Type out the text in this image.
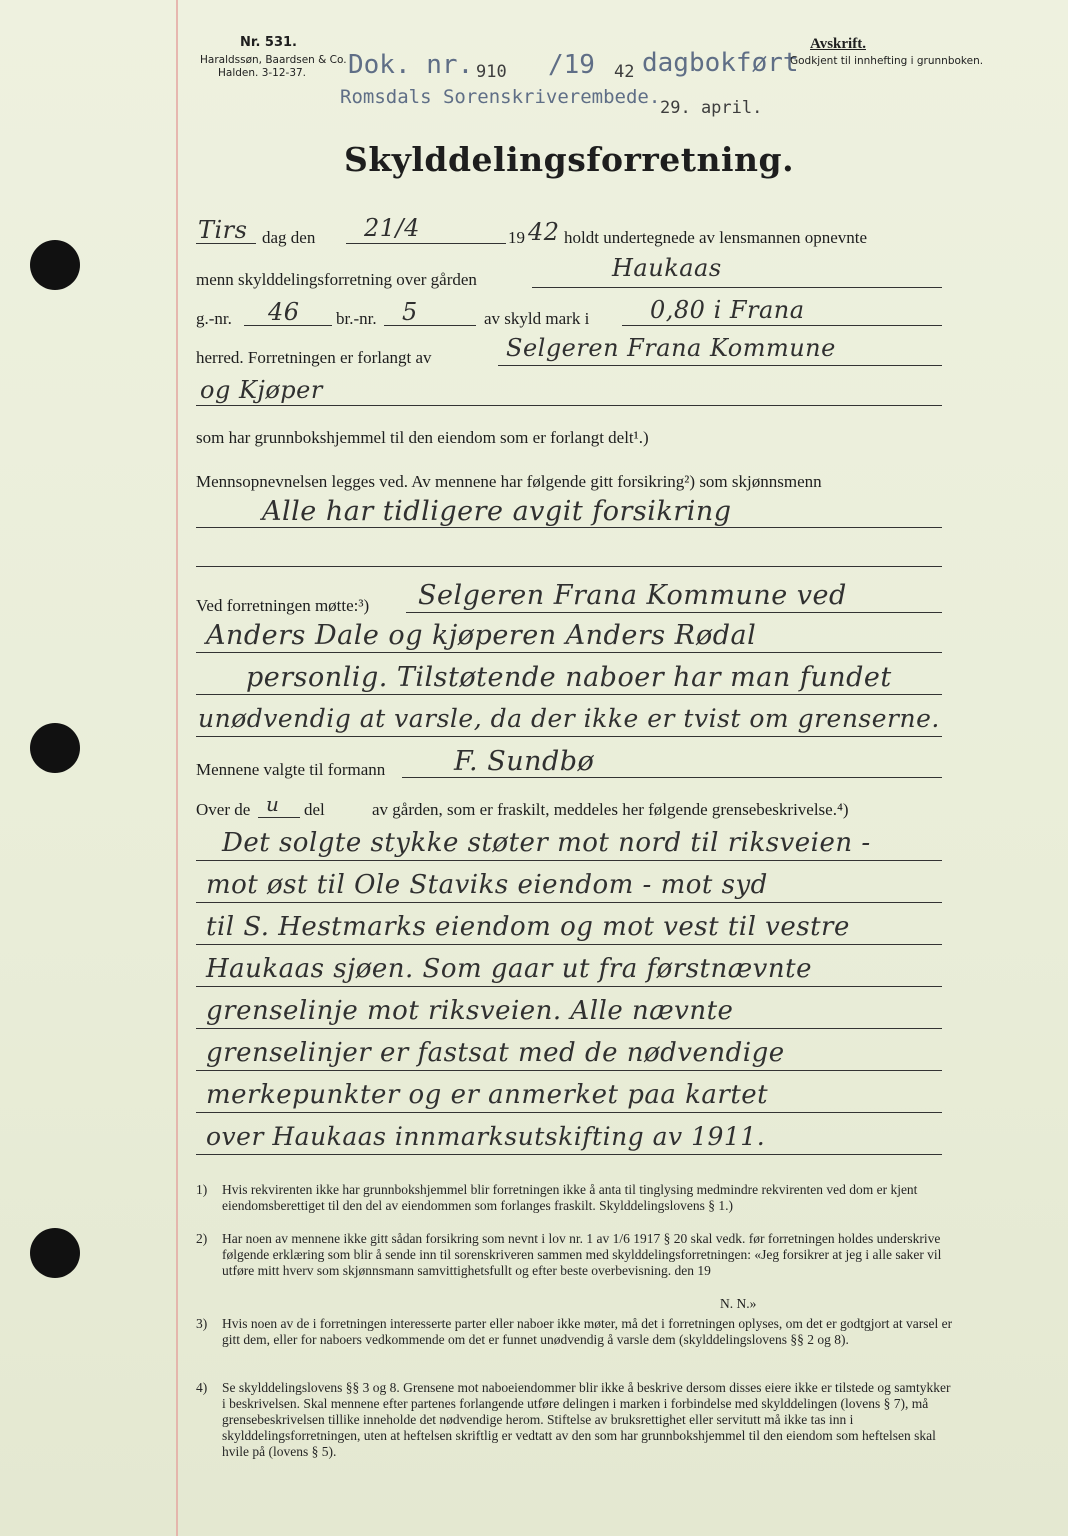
Nr. 531.
Haraldssøn, Baardsen & Co.
Halden. 3-12-37. Dok. nr. 910 /19 42 dagbokført
Romsdals Sorenskriverembede. 29. april.
Avskrift.
Godkjent til innhefting i grunnboken.
Skylddelingsforretning.
Tirs dag den 21/4	19 42 holdt undertegnede av lensmannen opnevnte
menn skylddelingsforretning over gården	Haukaas
g.-nr. 46 br.-nr. 5	av skyld mark i	0,80 i Frana
herred. Forretningen er forlangt av	Selgeren Frana Kommune
og Kjøper
som har grunnbokshjemmel til den eiendom som er forlangt delt¹.)
Mennsopnevnelsen legges ved. Av mennene har følgende gitt forsikring²) som skjønnsmenn
Alle har tidligere avgit forsikring
Ved forretningen møtte:³) Selgeren Frana Kommune ved
Anders Dale og kjøperen Anders Rødal
personlig. Tilstøtende naboer har man fundet
unødvendig at varsle, da der ikke er tvist om grenserne.
Mennene valgte til formann	F. Sundbø
Over de u del	av gården, som er fraskilt, meddeles her følgende grensebeskrivelse.⁴)
Det solgte stykke støter mot nord til riksveien -
mot øst til Ole Staviks eiendom - mot syd
til S. Hestmarks eiendom og mot vest til vestre
Haukaas sjøen. Som gaar ut fra førstnævnte
grenselinje mot riksveien. Alle nævnte
grenselinjer er fastsat med de nødvendige
merkepunkter og er anmerket paa kartet
over Haukaas innmarksutskifting av 1911.
1) Hvis rekvirenten ikke har grunnbokshjemmel blir forretningen ikke å anta til tinglysing medmindre rekvirenten ved dom er kjent eiendomsberettiget til den del av eiendommen som forlanges fraskilt. Skylddelingslovens § 1.)
2) Har noen av mennene ikke gitt sådan forsikring som nevnt i lov nr. 1 av 1/6 1917 § 20 skal vedk. før forretningen holdes underskrive følgende erklæring som blir å sende inn til sorenskriveren sammen med skylddelingsforretningen: «Jeg forsikrer at jeg i alle saker vil utføre mitt hverv som skjønnsmann samvittighetsfullt og efter beste overbevisning. den 19
N. N.»
3) Hvis noen av de i forretningen interesserte parter eller naboer ikke møter, må det i forretningen oplyses, om det er godtgjort at varsel er gitt dem, eller for naboers vedkommende om det er funnet unødvendig å varsle dem (skylddelingslovens §§ 2 og 8).
4) Se skylddelingslovens §§ 3 og 8. Grensene mot naboeiendommer blir ikke å beskrive dersom disses eiere ikke er tilstede og samtykker i beskrivelsen. Skal mennene efter partenes forlangende utføre delingen i marken i forbindelse med skylddelingen (lovens § 7), må grensebeskrivelsen tillike inneholde det nødvendige herom. Stiftelse av bruksrettighet eller servitutt må ikke tas inn i skylddelingsforretningen, uten at heftelsen skriftlig er vedtatt av den som har grunnbokshjemmel til den eiendom som heftelsen skal hvile på (lovens § 5).
